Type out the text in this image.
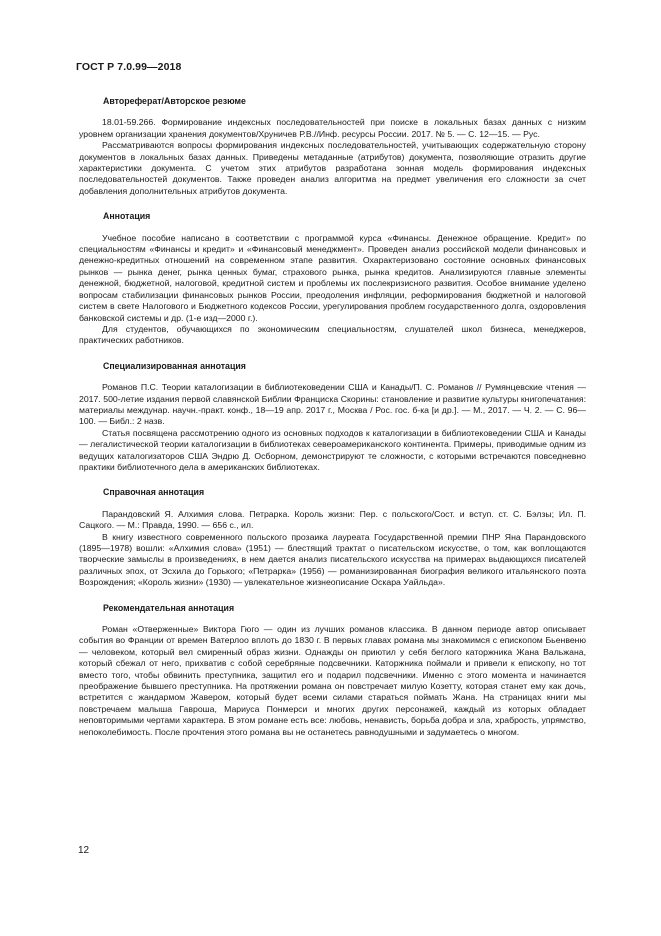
ГОСТ Р 7.0.99—2018
Автореферат/Авторское резюме

18.01-59.266. Формирование индексных последовательностей при поиске в локальных базах данных с низким уровнем организации хранения документов/Хруничев Р.В.//Инф. ресурсы России. 2017. № 5. — С. 12—15. — Рус.

Рассматриваются вопросы формирования индексных последовательностей, учитывающих содержательную сторону документов в локальных базах данных. Приведены метаданные (атрибутов) документа, позволяющие отразить другие характеристики документа. С учетом этих атрибутов разработана зонная модель формирования индексных последовательностей документов. Также проведен анализ алгоритма на предмет увеличения его сложности за счет добавления дополнительных атрибутов документа.

Аннотация

Учебное пособие написано в соответствии с программой курса «Финансы. Денежное обращение. Кредит» по специальностям «Финансы и кредит» и «Финансовый менеджмент». Проведен анализ российской модели финансовых и денежно-кредитных отношений на современном этапе развития. Охарактеризовано состояние основных финансовых рынков — рынка денег, рынка ценных бумаг, страхового рынка, рынка кредитов. Анализируются главные элементы денежной, бюджетной, налоговой, кредитной систем и проблемы их послекризисного развития. Особое внимание уделено вопросам стабилизации финансовых рынков России, преодоления инфляции, реформирования бюджетной и налоговой систем в свете Налогового и Бюджетного кодексов России, урегулирования проблем государственного долга, оздоровления банковской системы и др. (1-е изд—2000 г.).

Для студентов, обучающихся по экономическим специальностям, слушателей школ бизнеса, менеджеров, практических работников.

Специализированная аннотация

Романов П.С. Теории каталогизации в библиотековедении США и Канады/П. С. Романов // Румянцевские чтения — 2017. 500-летие издания первой славянской Библии Франциска Скорины: становление и развитие культуры книгопечатания: материалы междунар. научн.-практ. конф., 18—19 апр. 2017 г., Москва / Рос. гос. б-ка [и др.]. — М., 2017. — Ч. 2. — С. 96—100. — Библ.: 2 назв.

Статья посвящена рассмотрению одного из основных подходов к каталогизации в библиотековедении США и Канады — легалистической теории каталогизации в библиотеках североамериканского континента. Примеры, приводимые одним из ведущих каталогизаторов США Эндрю Д. Осборном, демонстрируют те сложности, с которыми встречаются повседневно практики библиотечного дела в американских библиотеках.

Справочная аннотация

Парандовский Я. Алхимия слова. Петрарка. Король жизни: Пер. с польского/Сост. и вступ. ст. С. Бэлзы; Ил. П. Сацкого. — М.: Правда, 1990. — 656 с., ил.

В книгу известного современного польского прозаика лауреата Государственной премии ПНР Яна Парандовского (1895—1978) вошли: «Алхимия слова» (1951) — блестящий трактат о писательском искусстве, о том, как воплощаются творческие замыслы в произведениях, в нем дается анализ писательского искусства на примерах выдающихся писателей различных эпох, от Эсхила до Горького; «Петрарка» (1956) — романизированная биография великого итальянского поэта Возрождения; «Король жизни» (1930) — увлекательное жизнеописание Оскара Уайльда».

Рекомендательная аннотация

Роман «Отверженные» Виктора Гюго — один из лучших романов классика. В данном периоде автор описывает события во Франции от времен Ватерлоо вплоть до 1830 г. В первых главах романа мы знакомимся с епископом Бьенвеню — человеком, который вел смиренный образ жизни. Однажды он приютил у себя беглого каторжника Жана Вальжана, который сбежал от него, прихватив с собой серебряные подсвечники. Каторжника поймали и привели к епископу, но тот вместо того, чтобы обвинить преступника, защитил его и подарил подсвечники. Именно с этого момента и начинается преображение бывшего преступника. На протяжении романа он повстречает милую Козетту, которая станет ему как дочь, встретится с жандармом Жавером, который будет всеми силами стараться поймать Жана. На страницах книги мы повстречаем малыша Гавроша, Мариуса Понмерси и многих других персонажей, каждый из которых обладает неповторимыми чертами характера. В этом романе есть все: любовь, ненависть, борьба добра и зла, храбрость, упрямство, непоколебимость. После прочтения этого романа вы не останетесь равнодушными и задумаетесь о многом.

12
